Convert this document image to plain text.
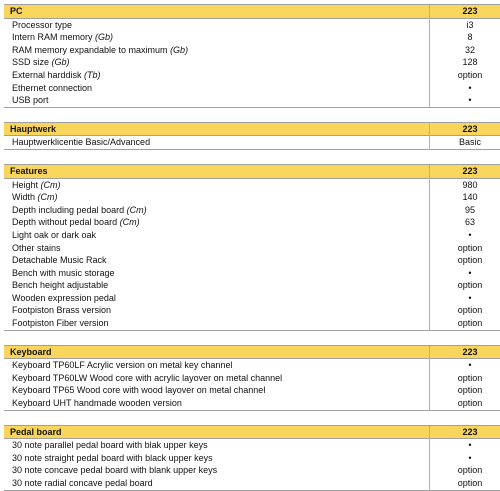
PC	223
Processor type	i3
Intern RAM memory (Gb)	8
RAM memory expandable to maximum (Gb)	32
SSD size (Gb)	128
External harddisk (Tb)	option
Ethernet connection	•
USB port	•
Hauptwerk	223
Hauptwerklicentie Basic/Advanced	Basic
Features	223
Height (Cm)	980
Width (Cm)	140
Depth including pedal board (Cm)	95
Depth without pedal board (Cm)	63
Light oak or dark oak	•
Other stains	option
Detachable Music Rack	option
Bench with music storage	•
Bench height adjustable	option
Wooden expression pedal	•
Footpiston Brass version	option
Footpiston Fiber version	option
Keyboard	223
Keyboard TP60LF Acrylic version on metal key channel	•
Keyboard TP60LW Wood core with acrylic layover on metal channel	option
Keyboard TP65 Wood core with wood layover on metal channel	option
Keyboard UHT handmade wooden version	option
Pedal board	223
30 note parallel pedal board with blak upper keys	•
30 note straight pedal board with black upper keys	•
30 note concave pedal board with blank upper keys	option
30 note radial concave pedal board	option
